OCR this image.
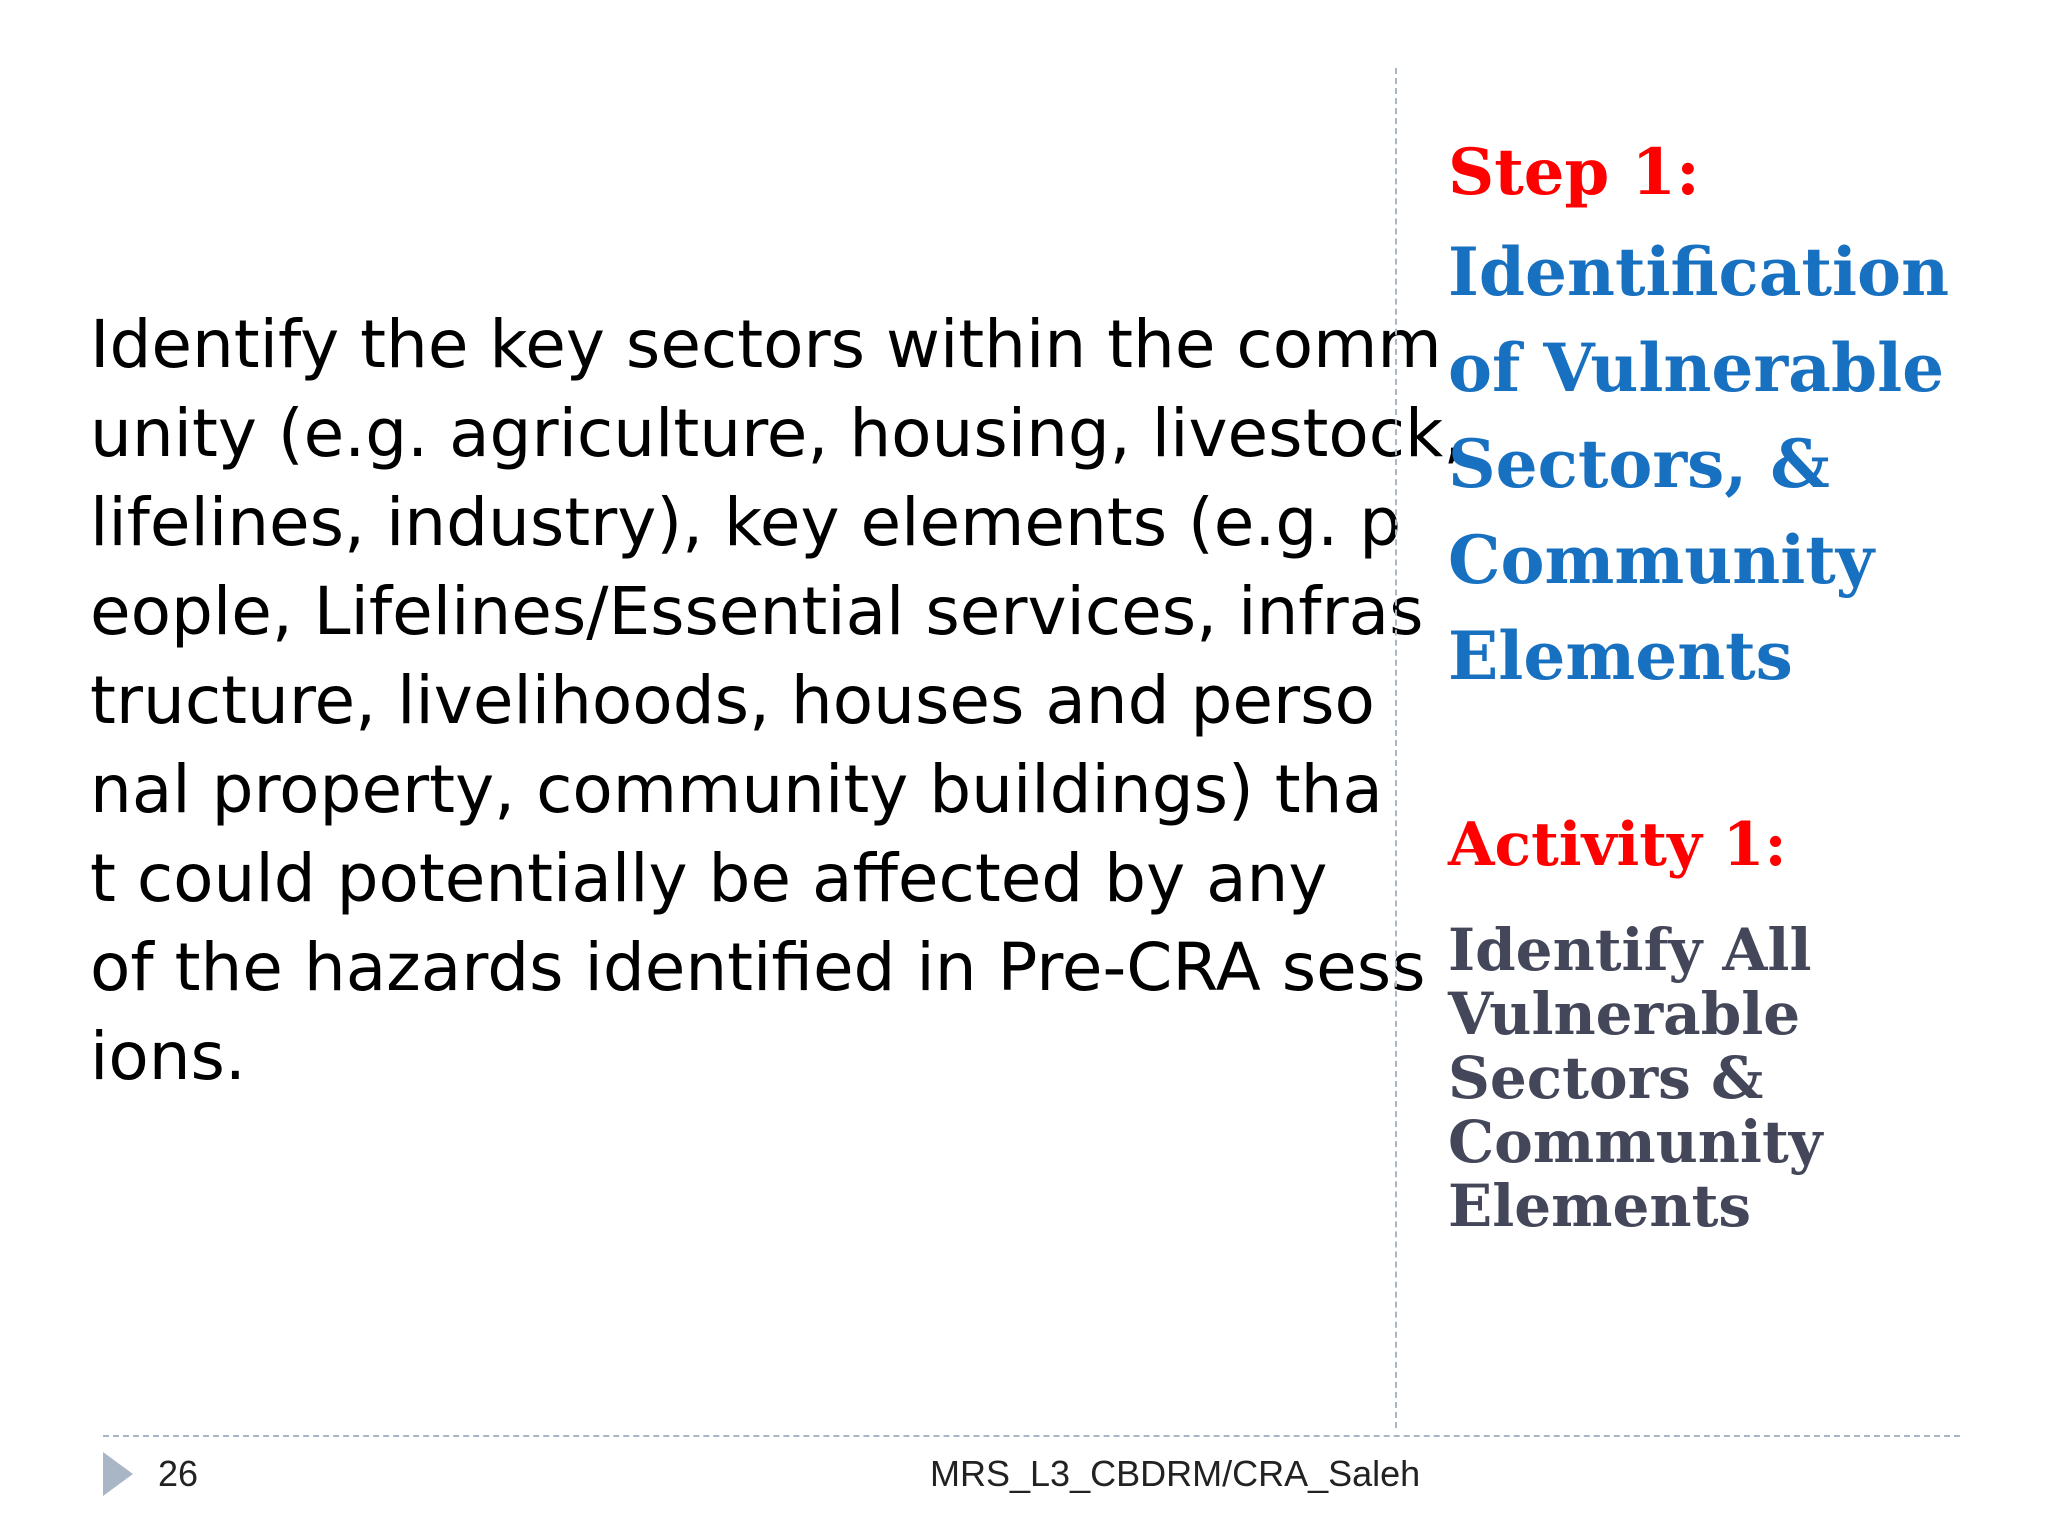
Identify the key sectors within the comm
unity (e.g. agriculture, housing, livestock,
lifelines, industry), key elements (e.g. p
eople, Lifelines/Essential services, infras
tructure, livelihoods, houses and perso
nal property, community buildings) tha
t could potentially be affected by any
of the hazards identified in Pre-CRA sess
ions.
Step 1:
Identification of Vulnerable Sectors, & Community Elements
Activity 1:
Identify All Vulnerable Sectors & Community Elements
26	MRS_L3_CBDRM/CRA_Saleh
